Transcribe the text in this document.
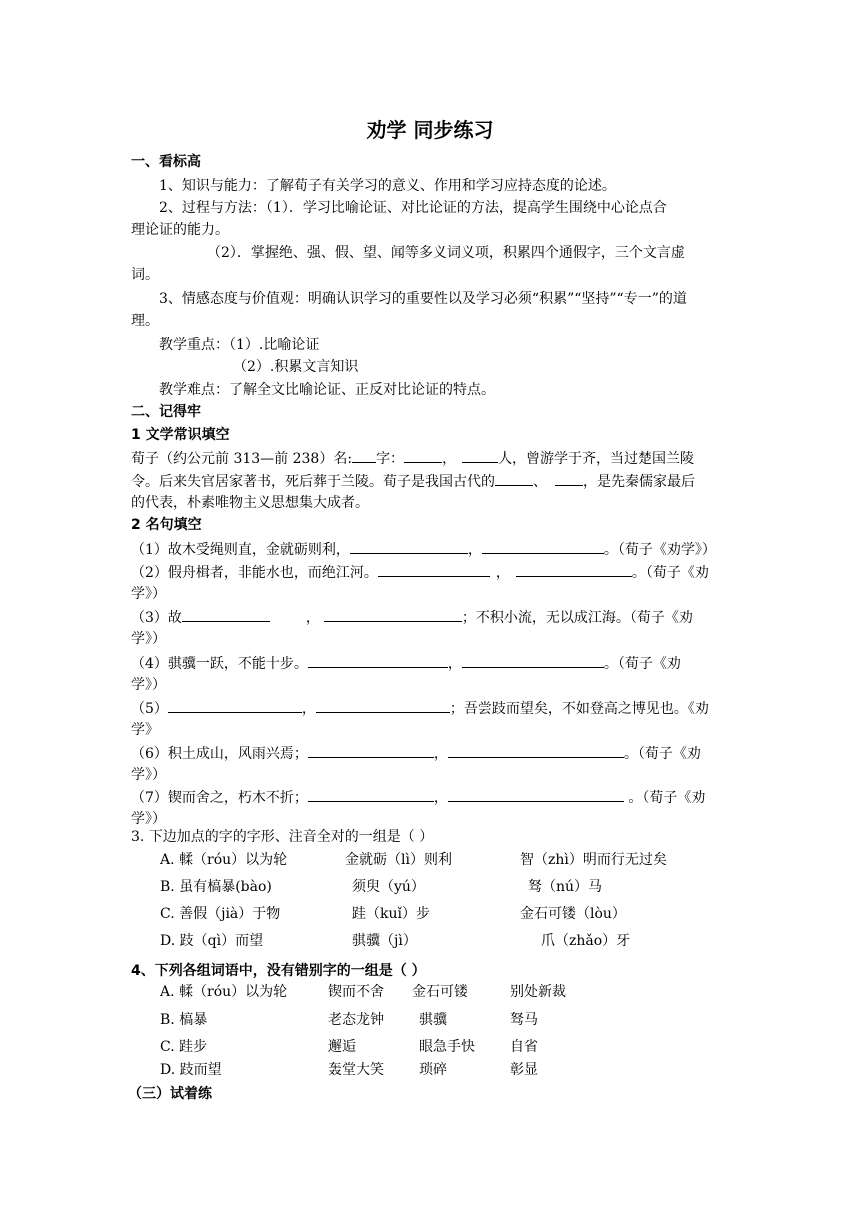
劝学 同步练习
一、看标高
1、知识与能力：了解荀子有关学习的意义、作用和学习应持态度的论述。
2、过程与方法：（1）．学习比喻论证、对比论证的方法，提高学生围绕中心论点合
理论证的能力。
（2）．掌握绝、强、假、望、闻等多义词义项，积累四个通假字，三个文言虚
词。
3、情感态度与价值观：明确认识学习的重要性以及学习必须“积累”“坚持”“专一”的道
理。
教学重点：（1）.比喻论证
（2）.积累文言知识
教学难点：了解全文比喻论证、正反对比论证的特点。
二、记得牢
1 文学常识填空
荀子（约公元前 313—前 238）名: 字：	，	人，曾游学于齐，当过楚国兰陵
令。后来失官居家著书，死后葬于兰陵。荀子是我国古代的	、	，是先秦儒家最后
的代表，朴素唯物主义思想集大成者。
2 名句填空
（1）故木受绳则直，金就砺则利，	，	。（荀子《劝学》）
（2）假舟楫者，非能水也，而绝江河。	，	。（荀子《劝
学》）
（3）故	，	；不积小流，无以成江海。（荀子《劝
学》）
（4）骐骥一跃，不能十步。	，	。（荀子《劝
学》）
（5）	，	；吾尝跂而望矣，不如登高之博见也。《劝
学》
（6）积土成山，风雨兴焉；	，	。（荀子《劝
学》）
（7）锲而舍之，朽木不折；	，	。（荀子《劝
学》）
3. 下边加点的字的字形、注音全对的一组是（ ）
A. 輮（róu）以为轮	金就砺（lì）则利	智（zhì）明而行无过矣
B. 虽有槁暴(bào)	须臾（yú）	驽（nú）马
C. 善假（jià）于物	跬（kuǐ）步	金石可镂（lòu）
D. 跂（qì）而望	骐骥（jì）	爪（zhǎo）牙
4、下列各组词语中，没有错别字的一组是（ ）
A. 輮（róu）以为轮	锲而不舍 金石可镂	别处新裁
B. 槁暴	老态龙钟	骐骥	驽马
C. 跬步	邂逅	眼急手快	自省
D. 跂而望	轰堂大笑	琐碎	彰显
（三）试着练
